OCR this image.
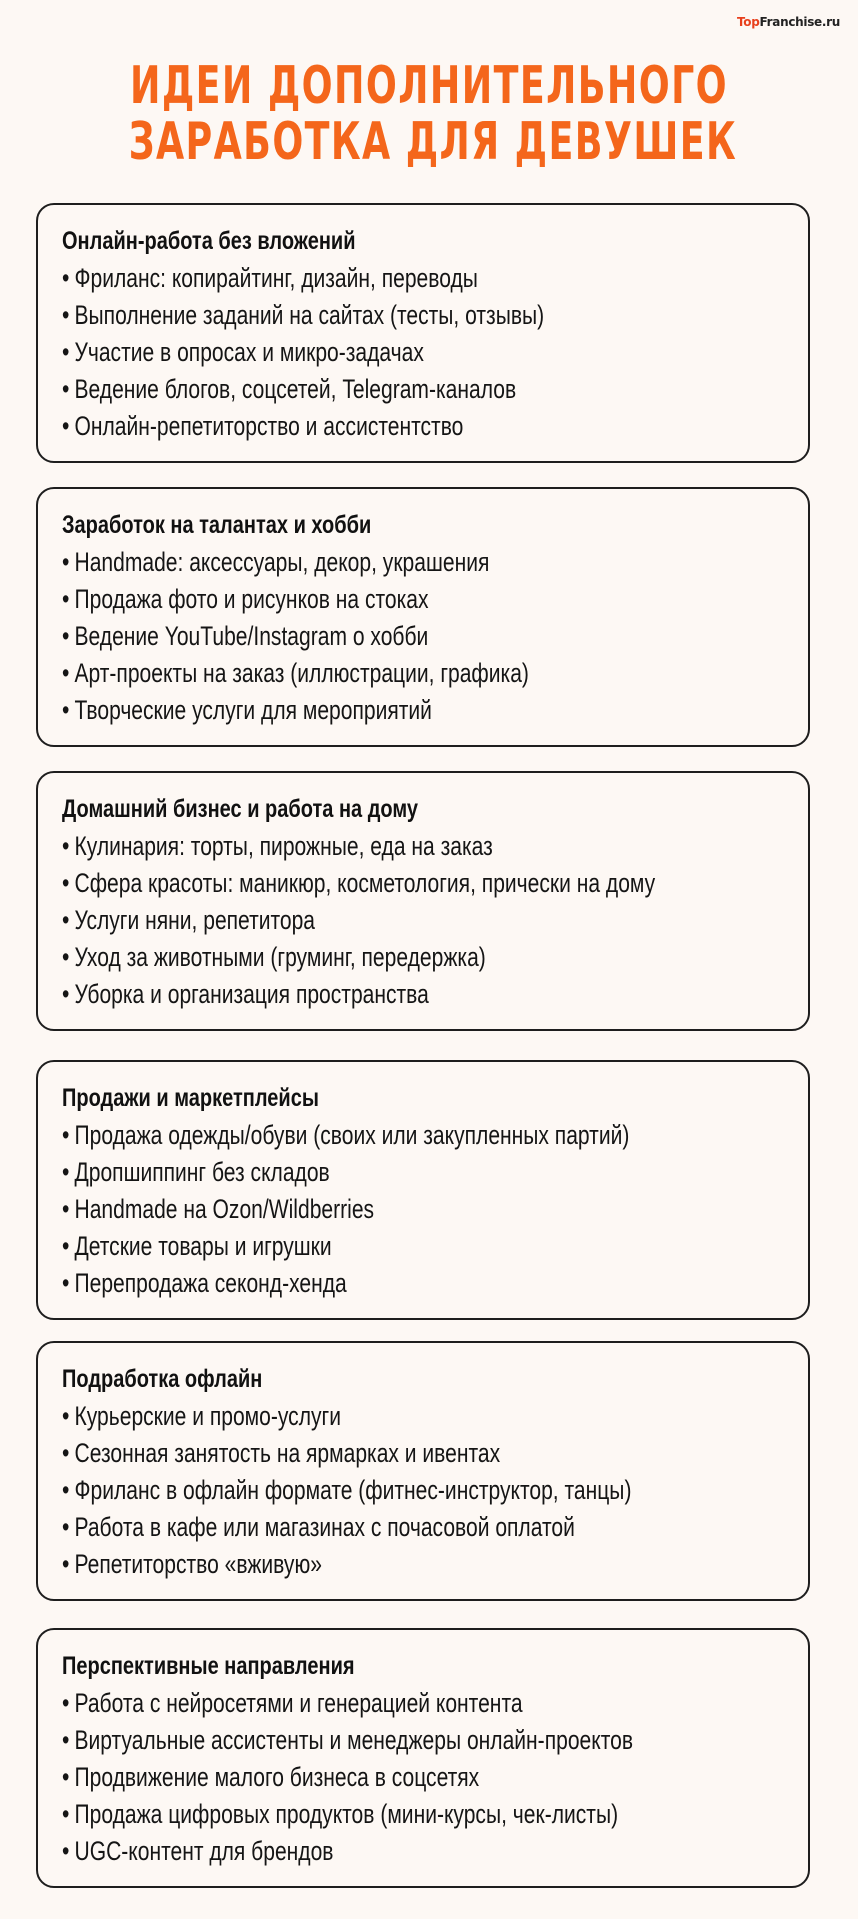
TopFranchise.ru
ИДЕИ ДОПОЛНИТЕЛЬНОГО
ЗАРАБОТКА ДЛЯ ДЕВУШЕК
Онлайн-работа без вложений
• Фриланс: копирайтинг, дизайн, переводы
• Выполнение заданий на сайтах (тесты, отзывы)
• Участие в опросах и микро-задачах
• Ведение блогов, соцсетей, Telegram-каналов
• Онлайн-репетиторство и ассистентство
Заработок на талантах и хобби
• Handmade: аксессуары, декор, украшения
• Продажа фото и рисунков на стоках
• Ведение YouTube/Instagram о хобби
• Арт-проекты на заказ (иллюстрации, графика)
• Творческие услуги для мероприятий
Домашний бизнес и работа на дому
• Кулинария: торты, пирожные, еда на заказ
• Сфера красоты: маникюр, косметология, прически на дому
• Услуги няни, репетитора
• Уход за животными (груминг, передержка)
• Уборка и организация пространства
Продажи и маркетплейсы
• Продажа одежды/обуви (своих или закупленных партий)
• Дропшиппинг без складов
• Handmade на Ozon/Wildberries
• Детские товары и игрушки
• Перепродажа секонд-хенда
Подработка офлайн
• Курьерские и промо-услуги
• Сезонная занятость на ярмарках и ивентах
• Фриланс в офлайн формате (фитнес-инструктор, танцы)
• Работа в кафе или магазинах с почасовой оплатой
• Репетиторство «вживую»
Перспективные направления
• Работа с нейросетями и генерацией контента
• Виртуальные ассистенты и менеджеры онлайн-проектов
• Продвижение малого бизнеса в соцсетях
• Продажа цифровых продуктов (мини-курсы, чек-листы)
• UGC-контент для брендов
